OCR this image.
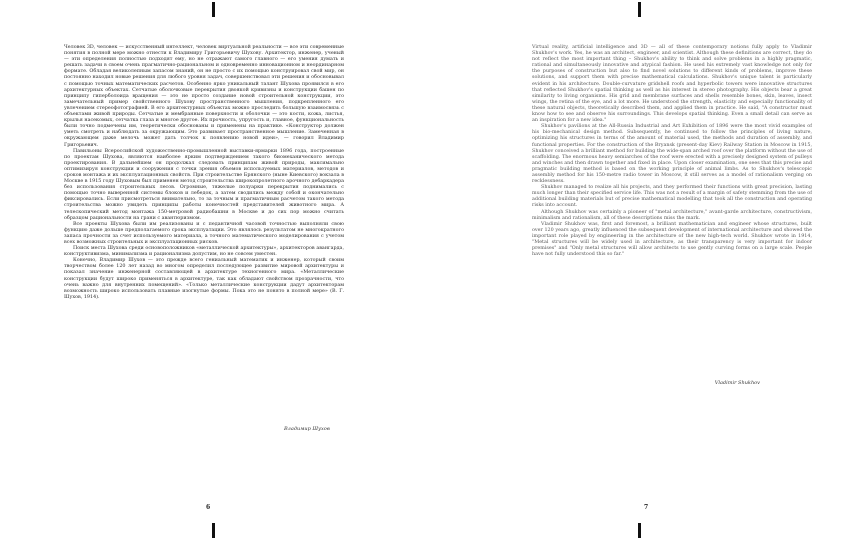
Человек 3D, человек — искусственный интеллект, человек виртуальной реальности — все эти современные понятия в полной мере можно отнести к Владимиру Григорьевичу Шухову. Архитектор, инженер, ученый — эти определения полностью подходят ему, но не отражают самого главного — его умения думать и решать задачи в своем очень прагматично-рациональном и одновременно инновационном и неординарном формате. Обладая великолепным запасом знаний, он не просто с их помощью конструировал свой мир, он постоянно находил новые решения для любого уровня задач, совершенствовал эти решения и обосновывал с помощью точных математических расчетов. Особенно ярко уникальный талант Шухова проявился в его архитектурных объектах. Сетчатые оболочковые перекрытия двоякой кривизны и конструкции башен по принципу гиперболоида вращения — это не просто создание новой строительной конструкции, это замечательный пример свойственного Шухову пространственного мышления, подкрепленного его увлечением стереофотографией. В его архитектурных объектах можно проследить большую взаимосвязь с объектами живой природы. Сетчатые и мембранные поверхности и оболочки — это кости, кожа, листья, крылья насекомых, сетчатка глаза и многое другое. Их прочность, упругость и, главное, функциональность были точно подмечены им, теоретически обоснованы и применены на практике. «Конструктор должен уметь смотреть и наблюдать за окружающим. Это развивает пространственное мышление. Замеченная в окружающем даже мелочь может дать толчок к появлению новой идеи», — говорил Владимир Григорьевич.

Павильоны Всероссийской художественно-промышленной выставки-ярмарки 1896 года, построенные по проектам Шухова, являются наиболее ярким подтверждением такого биомеханического метода проектирования. В дальнейшем он продолжал следовать принципам живой природы, максимально оптимизируя конструкции и сооружения с точки зрения объемов используемых материалов, методов и сроков монтажа и их эксплуатационных свойств. При строительстве Брянского (ныне Киевского) вокзала в Москве в 1915 году Шуховым был применен метод строительства широкопролетного арочного дебаркадера без использования строительных лесов. Огромные, тяжелые полуарки перекрытия поднимались с помощью точно выверенной системы блоков и лебедок, а затем сводились между собой и окончательно фиксировались. Если присмотреться внимательно, то за точным и прагматичным расчетом такого метода строительства можно увидеть принципы работы конечностей представителей животного мира. А телескопический метод монтажа 150-метровой радиобашни в Москве и до сих пор можно считать образцом рациональности на грани с авантюризмом.

Все проекты Шухова были им реализованы и с педантичной часовой точностью выполняли свою функцию даже дольше предполагаемого срока эксплуатации. Это являлось результатом не многократного запаса прочности за счет используемого материала, а точного математического моделирования с учетом всех возможных строительных и эксплуатационных рисков.

Поиск места Шухова среди основоположников «металлической архитектуры», архитекторов авангарда, конструктивизма, минимализма и рационализма допустим, но не совсем уместен.

Конечно, Владимир Шухов — это прежде всего гениальный математик и инженер, который своим творчеством более 120 лет назад во многом определил последующее развитие мировой архитектуры и показал значение инженерной составляющей в архитектуре техногенного мира. «Металлические конструкции будут широко применяться в архитектуре, так как обладают свойством прозрачности, что очень важно для внутренних помещений». «Только металлические конструкции дадут архитекторам возможность широко использовать плавные изогнутые формы. Пока это не понято в полной мере» (В. Г. Шухов, 1914).

Владимир Шухов
6

Virtual reality, artificial intelligence and 3D — all of these contemporary notions fully apply to Vladimir Shukhov's work. Yes, he was an architect, engineer, and scientist. Although these definitions are correct, they do not reflect the most important thing – Shukhov's ability to think and solve problems in a highly pragmatic, rational and simultaneously innovative and atypical fashion. He used his extremely vast knowledge not only for the purposes of construction but also to find novel solutions to different kinds of problems, improve these solutions, and support them with precise mathematical calculations. Shukhov's unique talent is particularly evident in his architecture. Double-curvature gridshell roofs and hyperbolic towers were innovative structures that reflected Shukhov's spatial thinking as well as his interest in stereo photography. His objects bear a great similarity to living organisms. His grid and membrane surfaces and shells resemble bones, skin, leaves, insect wings, the retina of the eye, and a lot more. He understood the strength, elasticity and especially functionality of these natural objects, theoretically described them, and applied them in practice. He said, "A constructor must know how to see and observe his surroundings. This develops spatial thinking. Even a small detail can serve as an inspiration for a new idea."

Shukhov's pavilions at the All-Russia Industrial and Art Exhibition of 1896 were the most vivid examples of his bio-mechanical design method. Subsequently, he continued to follow the principles of living nature, optimizing his structures in terms of the amount of material used, the methods and duration of assembly, and functional properties. For the construction of the Bryansk (present-day Kiev) Railway Station in Moscow in 1915, Shukhov conceived a brilliant method for building the wide-span arched roof over the platform without the use of scaffolding. The enormous heavy semiarches of the roof were erected with a precisely designed system of pulleys and winches and then drawn together and fixed in place. Upon closer examination, one sees that this precise and pragmatic building method is based on the working principle of animal limbs. As to Shukhov's telescopic assembly method for his 150-metre radio tower in Moscow, it still serves as a model of rationalism verging on recklessness.

Shukhov managed to realize all his projects, and they performed their functions with great precision, lasting much longer than their specified service life. This was not a result of a margin of safety stemming from the use of additional building materials but of precise mathematical modelling that took all the construction and operating risks into account.

Although Shukhov was certainly a pioneer of "metal architecture," avant-garde architecture, constructivism, minimalism and rationalism, all of these descriptions miss the mark.

Vladimir Shukhov was, first and foremost, a brilliant mathematician and engineer whose structures, built over 120 years ago, greatly influenced the subsequent development of international architecture and showed the important role played by engineering in the architecture of the new high-tech world. Shukhov wrote in 1914, "Metal structures will be widely used in architecture, as their transparency is very important for indoor premises" and "Only metal structures will allow architects to use gently curving forms on a large scale. People have not fully understood this so far."

Vladimir Shukhov
7
